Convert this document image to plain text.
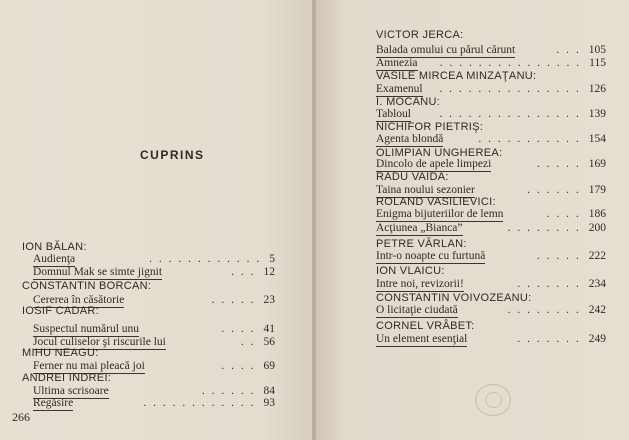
CUPRINS
266
ION BĂLAN:
Audienţa	. . . . . . . . . . . . 5
Domnul Mak se simte jignit	. . . 12
CONSTANTIN BORCAN:
Cererea în căsătorie	. . . . . 23
IOSIF CADAR:
Suspectul numărul unu	. . . . 41
Jocul culiselor şi riscurile lui	. . 56
MIHU NEAGU:
Ferner nu mai pleacă joi	. . . . 69
ANDREI INDREI:
Ultima scrisoare	. . . . . . 84
Regăsire	. . . . . . . . . . . . 93
VICTOR JERCA:
Balada omului cu părul cărunt	. . . 105
Amnezia . . . . . . . . . . . . . . . 115
VASILE MIRCEA MINZAŢANU:
Examenul . . . . . . . . . . . . . . . 126
I. MOCANU:
Tabloul . . . . . . . . . . . . . . . 139
NICHIFOR PIETRIŞ:
Agenta blondă	. . . . . . . . . . . 154
OLIMPIAN UNGHEREA:
Dincolo de apele limpezi	. . . . . 169
RADU VAIDA:
Taina noului sezonier	. . . . . . 179
ROLAND VASILIEVICI:
Enigma bijuteriilor de lemn	. . . . 186
Acţiunea „Bianca”	. . . . . . . . 200
PETRE VĂRLAN:
Intr-o noapte cu furtună	. . . . . 222
ION VLAICU:
Intre noi, revizorii!	. . . . . . . 234
CONSTANTIN VOIVOZEANU:
O licitaţie ciudată	. . . . . . . . 242
CORNEL VRÂBET:
Un element esenţial	. . . . . . . 249
